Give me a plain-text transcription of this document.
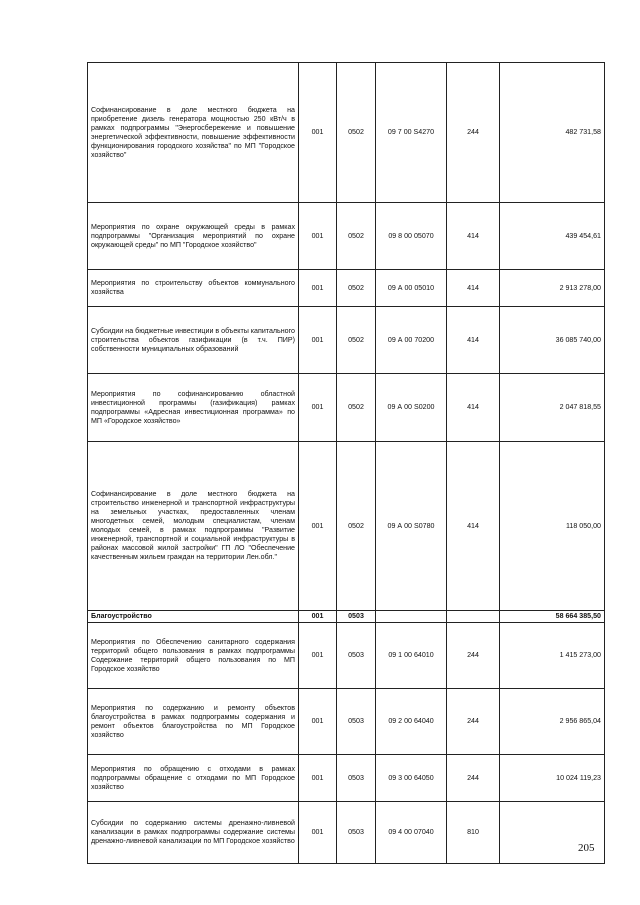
Софинансирование в доле местного бюджета на приобретение дизель генератора мощностью 250 кВт/ч в рамках подпрограммы "Энергосбережение и повышение энергетической эффективности, повышение эффективности функционирования городского хозяйства" по МП "Городское хозяйство"	001	0502	09 7 00 S4270	244	482 731,58
Мероприятия по охране окружающей среды в рамках подпрограммы "Организация мероприятий по охране окружающей среды" по МП "Городское хозяйство"	001	0502	09 8 00 05070	414	439 454,61
Мероприятия по строительству объектов коммунального хозяйства	001	0502	09 А 00 05010	414	2 913 278,00
Субсидии на бюджетные инвестиции в объекты капитального строительства объектов газификации (в т.ч. ПИР) собственности муниципальных образований	001	0502	09 А 00 70200	414	36 085 740,00
Мероприятия по софинансированию областной инвестиционной программы (газификация) рамках подпрограммы «Адресная инвестиционная программа» по МП «Городское хозяйство»	001	0502	09 А 00 S0200	414	2 047 818,55
Софинансирование в доле местного бюджета на строительство инженерной и транспортной инфраструктуры на земельных участках, предоставленных членам многодетных семей, молодым специалистам, членам молодых семей, в рамках подпрограммы "Развитие инженерной, транспортной и социальной инфраструктуры в районах массовой жилой застройки" ГП ЛО "Обеспечение качественным жильем граждан на территории Лен.обл."	001	0502	09 А 00 S0780	414	118 050,00
Благоустройство	001	0503			58 664 385,50
Мероприятия по Обеспечению санитарного содержания территорий общего пользования в рамках подпрограммы Содержание территорий общего пользования по МП Городское хозяйство	001	0503	09 1 00 64010	244	1 415 273,00
Мероприятия по содержанию и ремонту объектов благоустройства в рамках подпрограммы содержания и ремонт объектов благоустройства по МП Городское хозяйство	001	0503	09 2 00 64040	244	2 956 865,04
Мероприятия по обращению с отходами в рамках подпрограммы обращение с отходами по МП Городское хозяйство	001	0503	09 3 00 64050	244	10 024 119,23
Субсидии по содержанию системы дренажно-ливневой канализации в рамках подпрограммы содержание системы дренажно-ливневой канализации по МП Городское хозяйство	001	0503	09 4 00 07040	810	
205
